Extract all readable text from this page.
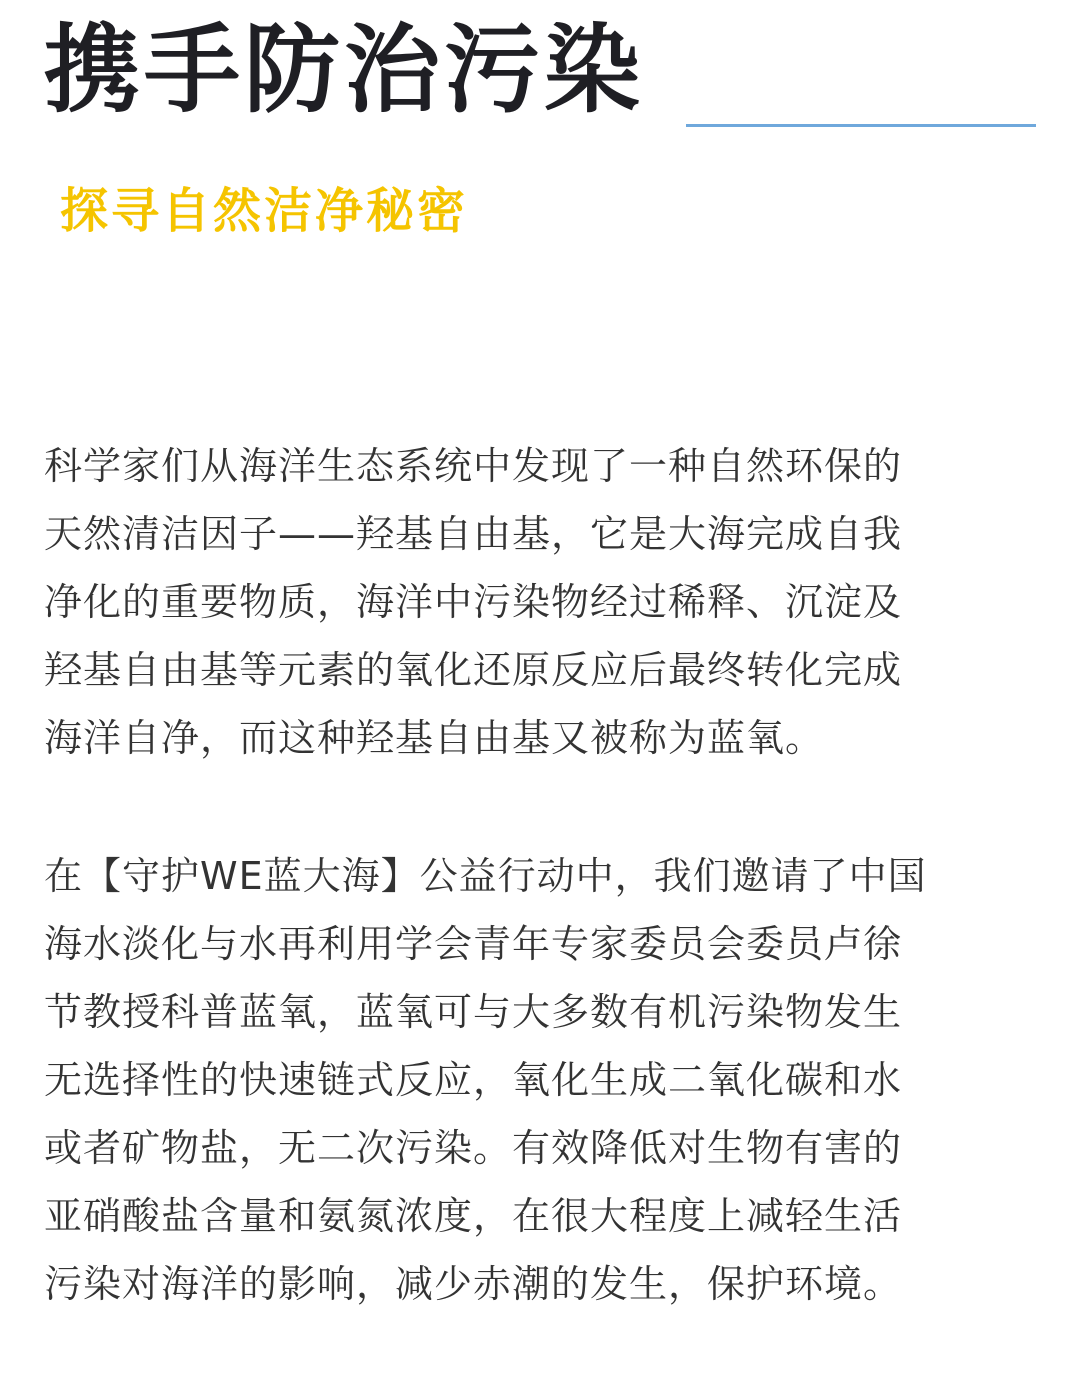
携手防治污染
探寻自然洁净秘密
科学家们从海洋生态系统中发现了一种自然环保的
天然清洁因子——羟基自由基，它是大海完成自我
净化的重要物质，海洋中污染物经过稀释、沉淀及
羟基自由基等元素的氧化还原反应后最终转化完成
海洋自净，而这种羟基自由基又被称为蓝氧。
在【守护WE蓝大海】公益行动中，我们邀请了中国
海水淡化与水再利用学会青年专家委员会委员卢徐
节教授科普蓝氧，蓝氧可与大多数有机污染物发生
无选择性的快速链式反应，氧化生成二氧化碳和水
或者矿物盐，无二次污染。有效降低对生物有害的
亚硝酸盐含量和氨氮浓度，在很大程度上减轻生活
污染对海洋的影响，减少赤潮的发生，保护环境。
